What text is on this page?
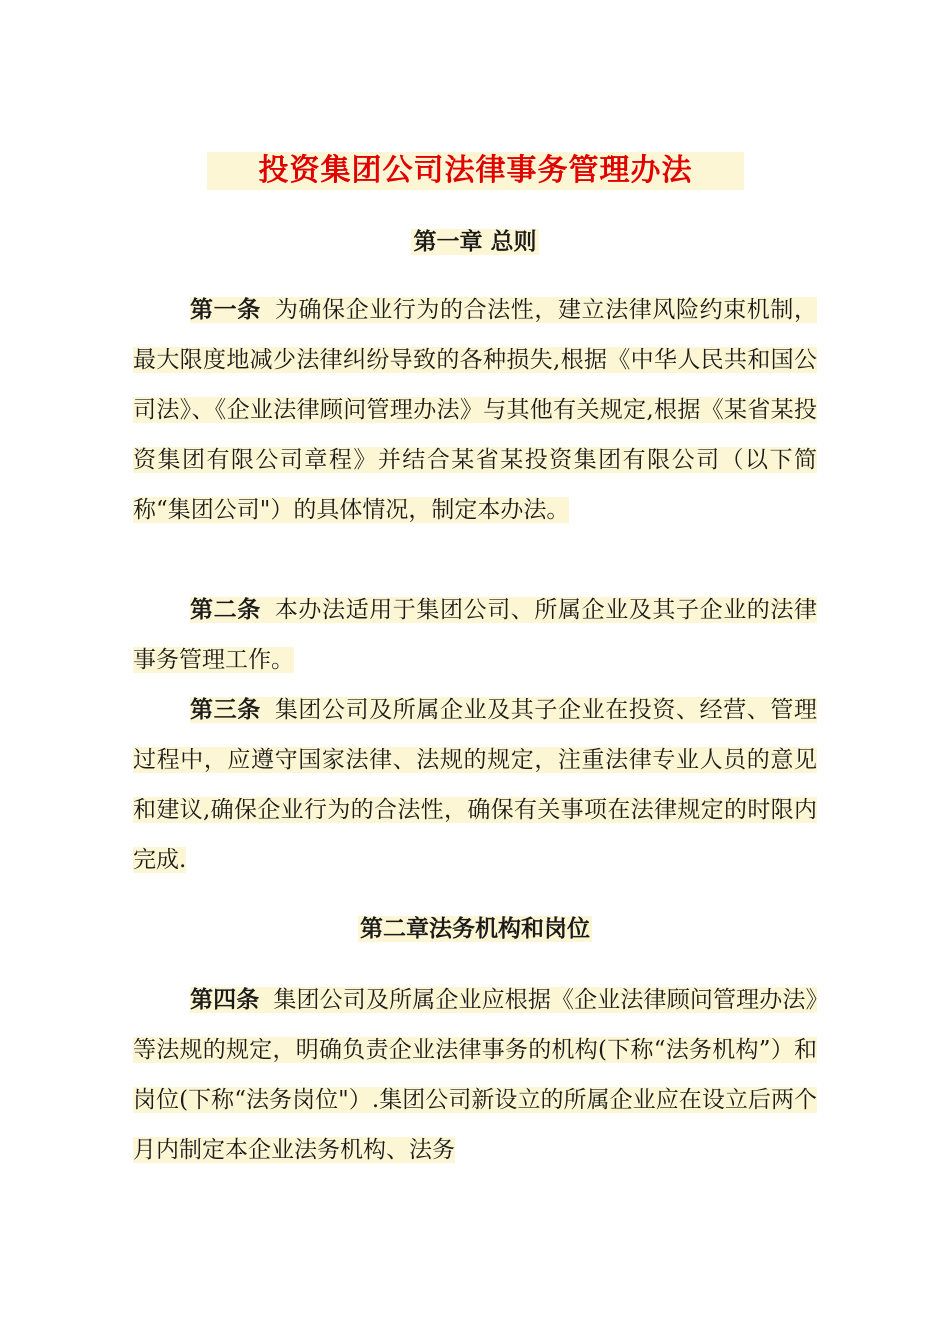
投资集团公司法律事务管理办法
第一章 总则

第一条 为确保企业行为的合法性，建立法律风险约束机制，最大限度地减少法律纠纷导致的各种损失,根据《中华人民共和国公司法》、《企业法律顾问管理办法》与其他有关规定,根据《某省某投资集团有限公司章程》并结合某省某投资集团有限公司（以下简称“集团公司"）的具体情况，制定本办法。

第二条 本办法适用于集团公司、所属企业及其子企业的法律事务管理工作。

第三条 集团公司及所属企业及其子企业在投资、经营、管理过程中，应遵守国家法律、法规的规定，注重法律专业人员的意见和建议,确保企业行为的合法性，确保有关事项在法律规定的时限内完成.

第二章法务机构和岗位

第四条 集团公司及所属企业应根据《企业法律顾问管理办法》等法规的规定，明确负责企业法律事务的机构(下称“法务机构”）和岗位(下称“法务岗位"）.集团公司新设立的所属企业应在设立后两个月内制定本企业法务机构、法务
